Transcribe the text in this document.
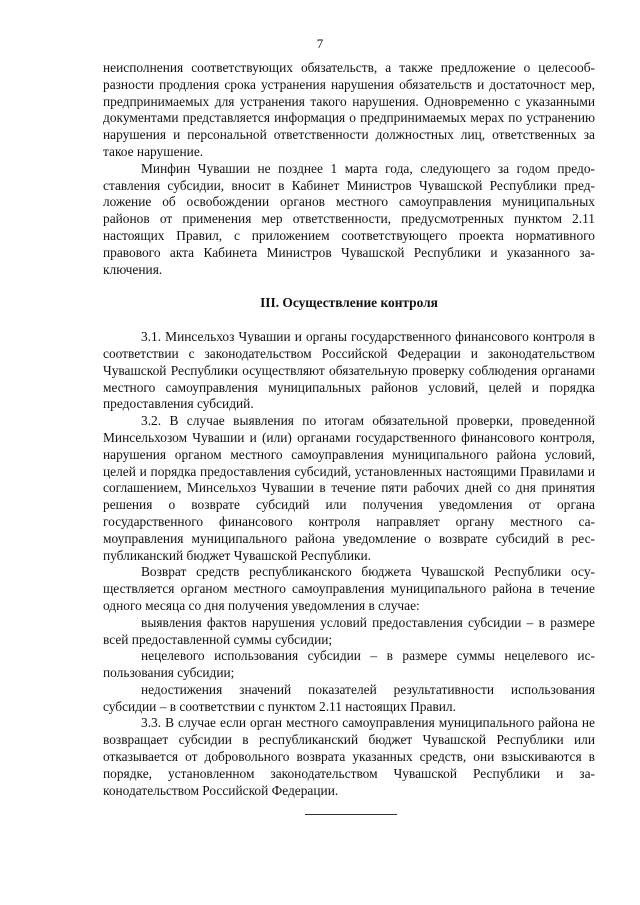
7

неисполнения соответствующих обязательств, а также предложение о целесообразности продления срока устранения нарушения обязательств и достаточност мер, предпринимаемых для устранения такого нарушения. Одновременно с указанными документами представляется информация о предпринимаемых мерах по устранению нарушения и персональной ответственности должностных лиц, ответственных за такое нарушение.

Минфин Чувашии не позднее 1 марта года, следующего за годом предоставления субсидии, вносит в Кабинет Министров Чувашской Республики предложение об освобождении органов местного самоуправления муниципальных районов от применения мер ответственности, предусмотренных пунктом 2.11 настоящих Правил, с приложением соответствующего проекта нормативного правового акта Кабинета Министров Чувашской Республики и указанного заключения.

III. Осуществление контроля

3.1. Минсельхоз Чувашии и органы государственного финансового контроля в соответствии с законодательством Российской Федерации и законодательством Чувашской Республики осуществляют обязательную проверку соблюдения органами местного самоуправления муниципальных районов условий, целей и порядка предоставления субсидий.

3.2. В случае выявления по итогам обязательной проверки, проведенной Минсельхозом Чувашии и (или) органами государственного финансового контроля, нарушения органом местного самоуправления муниципального района условий, целей и порядка предоставления субсидий, установленных настоящими Правилами и соглашением, Минсельхоз Чувашии в течение пяти рабочих дней со дня принятия решения о возврате субсидий или получения уведомления от органа государственного финансового контроля направляет органу местного самоуправления муниципального района уведомление о возврате субсидий в республиканский бюджет Чувашской Республики.

Возврат средств республиканского бюджета Чувашской Республики осуществляется органом местного самоуправления муниципального района в течение одного месяца со дня получения уведомления в случае:

выявления фактов нарушения условий предоставления субсидии – в размере всей предоставленной суммы субсидии;

нецелевого использования субсидии – в размере суммы нецелевого использования субсидии;

недостижения значений показателей результативности использования субсидии – в соответствии с пунктом 2.11 настоящих Правил.

3.3. В случае если орган местного самоуправления муниципального района не возвращает субсидии в республиканский бюджет Чувашской Республики или отказывается от добровольного возврата указанных средств, они взыскиваются в порядке, установленном законодательством Чувашской Республики и законодательством Российской Федерации.
